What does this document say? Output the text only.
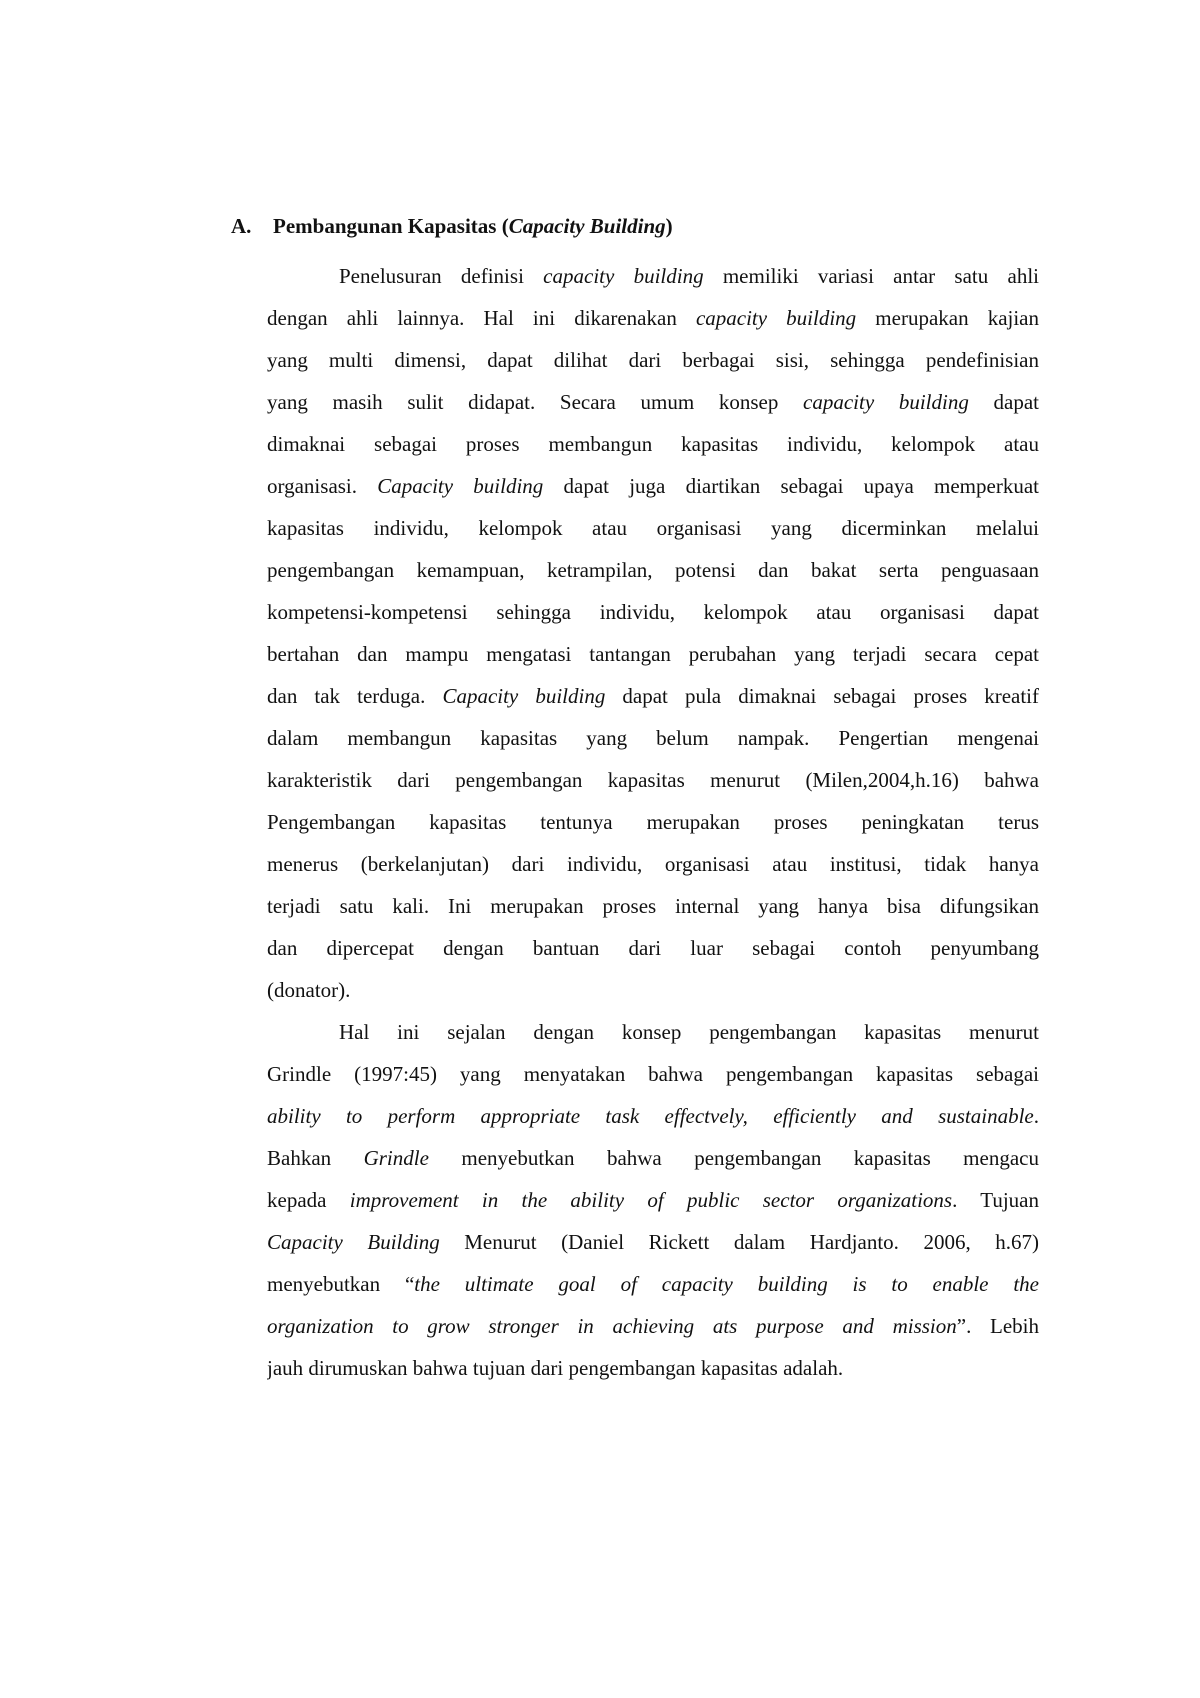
A. Pembangunan Kapasitas (Capacity Building)
Penelusuran definisi capacity building memiliki variasi antar satu ahli
dengan ahli lainnya. Hal ini dikarenakan capacity building merupakan kajian
yang multi dimensi, dapat dilihat dari berbagai sisi, sehingga pendefinisian
yang masih sulit didapat. Secara umum konsep capacity building dapat
dimaknai sebagai proses membangun kapasitas individu, kelompok atau
organisasi. Capacity building dapat juga diartikan sebagai upaya memperkuat
kapasitas individu, kelompok atau organisasi yang dicerminkan melalui
pengembangan kemampuan, ketrampilan, potensi dan bakat serta penguasaan
kompetensi-kompetensi sehingga individu, kelompok atau organisasi dapat
bertahan dan mampu mengatasi tantangan perubahan yang terjadi secara cepat
dan tak terduga. Capacity building dapat pula dimaknai sebagai proses kreatif
dalam membangun kapasitas yang belum nampak. Pengertian mengenai
karakteristik dari pengembangan kapasitas menurut (Milen,2004,h.16) bahwa
Pengembangan kapasitas tentunya merupakan proses peningkatan terus
menerus (berkelanjutan) dari individu, organisasi atau institusi, tidak hanya
terjadi satu kali. Ini merupakan proses internal yang hanya bisa difungsikan
dan dipercepat dengan bantuan dari luar sebagai contoh penyumbang
(donator).
Hal ini sejalan dengan konsep pengembangan kapasitas menurut
Grindle (1997:45) yang menyatakan bahwa pengembangan kapasitas sebagai
ability to perform appropriate task effectvely, efficiently and sustainable.
Bahkan Grindle menyebutkan bahwa pengembangan kapasitas mengacu
kepada improvement in the ability of public sector organizations. Tujuan
Capacity Building Menurut (Daniel Rickett dalam Hardjanto. 2006, h.67)
menyebutkan “the ultimate goal of capacity building is to enable the
organization to grow stronger in achieving ats purpose and mission”. Lebih
jauh dirumuskan bahwa tujuan dari pengembangan kapasitas adalah.
